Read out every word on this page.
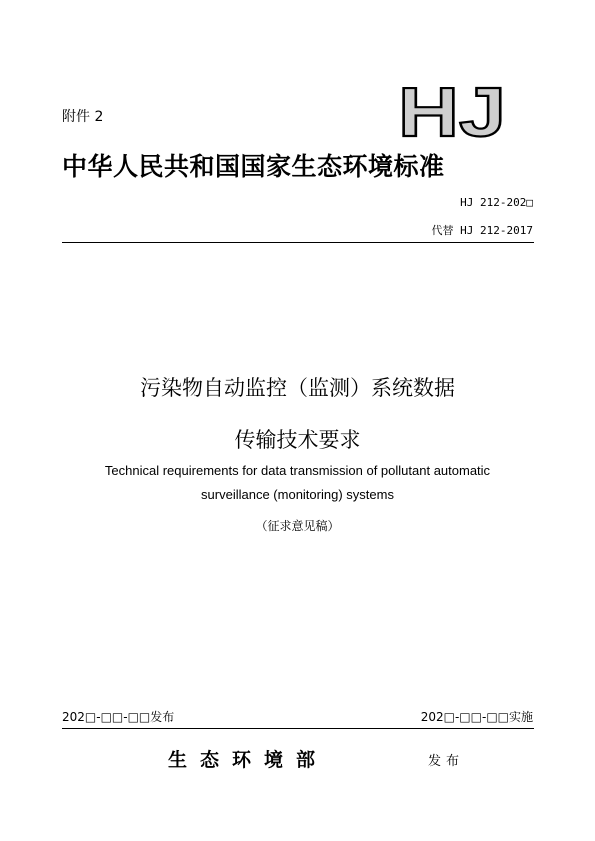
附件 2	HJ
中华人民共和国国家生态环境标准
HJ 212-202□
代替 HJ 212-2017
污染物自动监控（监测）系统数据
传输技术要求
Technical requirements for data transmission of pollutant automatic
surveillance (monitoring) systems
（征求意见稿）
202□-□□-□□发布	202□-□□-□□实施
生态环境部	发布
